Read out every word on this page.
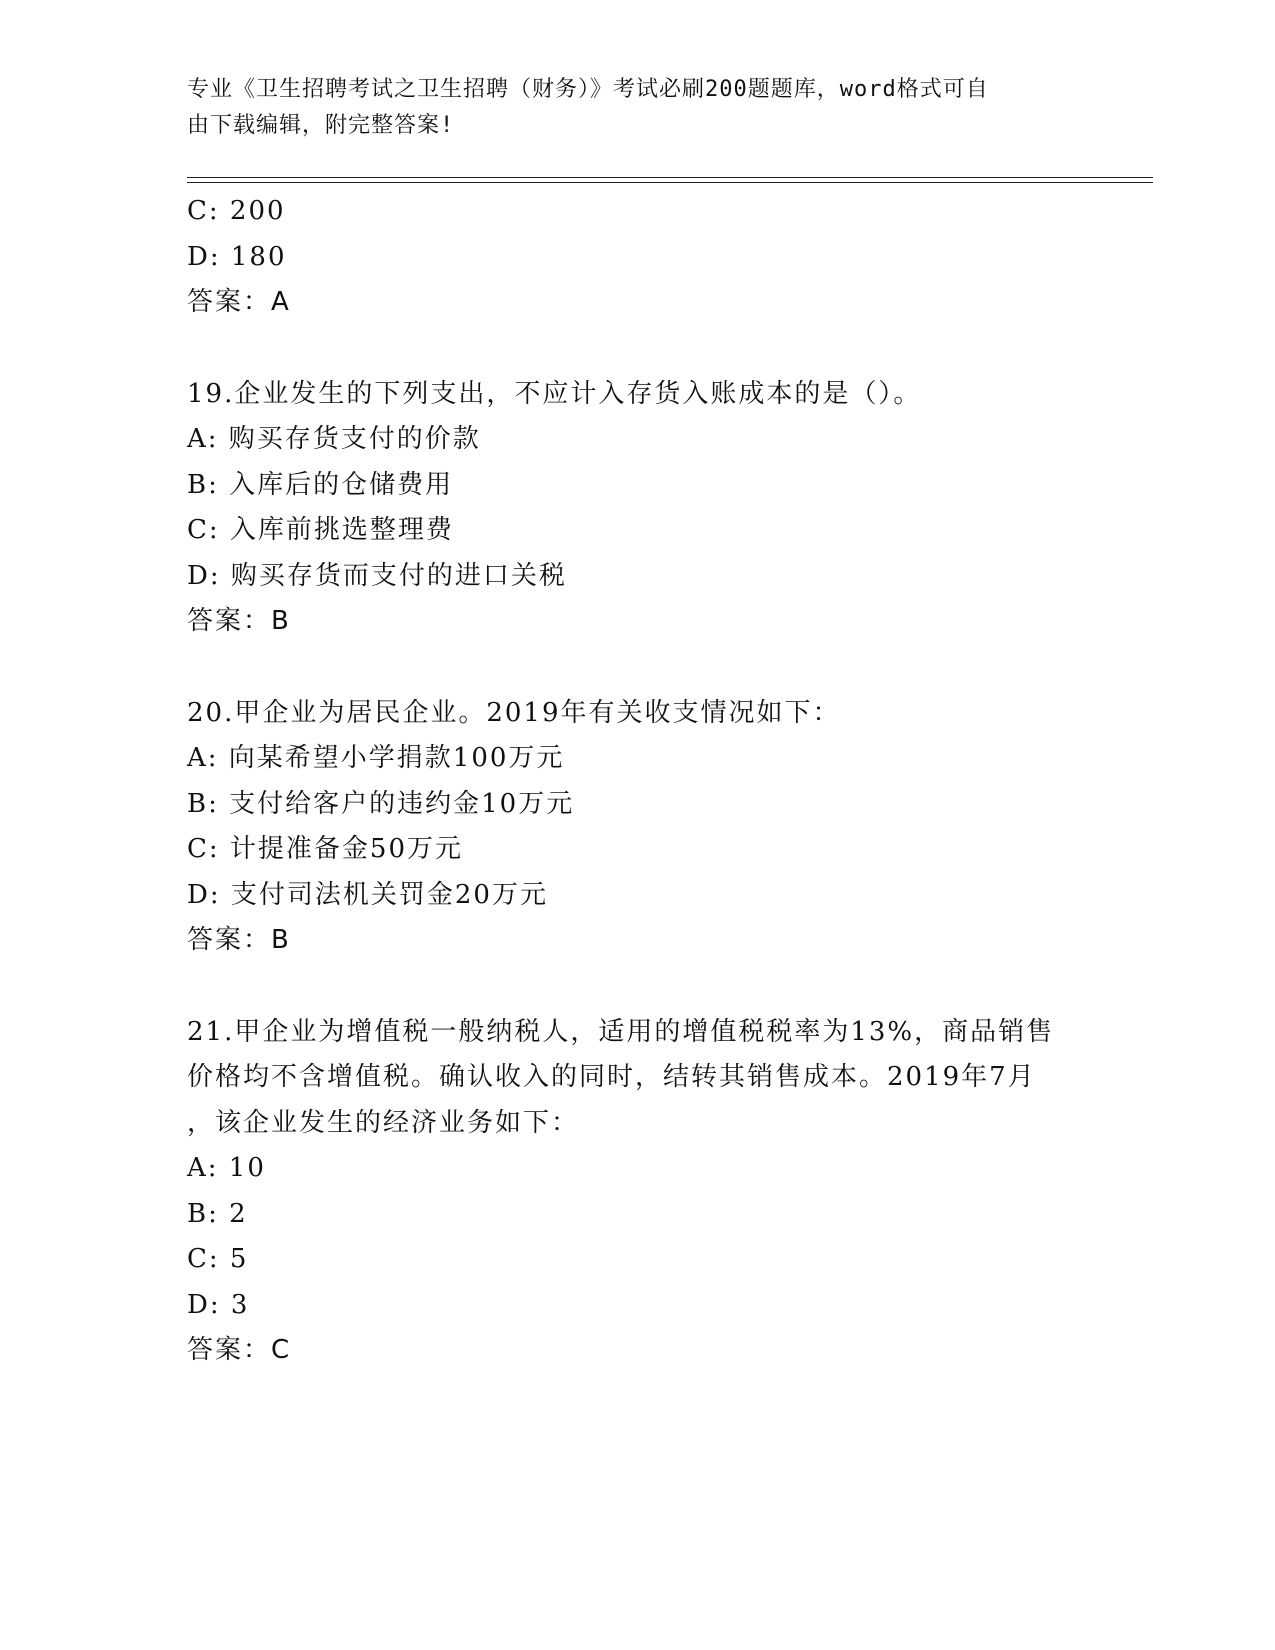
专业《卫生招聘考试之卫生招聘（财务）》考试必刷200题题库，word格式可自
由下载编辑，附完整答案!
C: 200
D: 180
答案：A
19.企业发生的下列支出，不应计入存货入账成本的是（）。
A: 购买存货支付的价款
B: 入库后的仓储费用
C: 入库前挑选整理费
D: 购买存货而支付的进口关税
答案：B
20.甲企业为居民企业。2019年有关收支情况如下：
A: 向某希望小学捐款100万元
B: 支付给客户的违约金10万元
C: 计提准备金50万元
D: 支付司法机关罚金20万元
答案：B
21.甲企业为增值税一般纳税人，适用的增值税税率为13%，商品销售
价格均不含增值税。确认收入的同时，结转其销售成本。2019年7月
，该企业发生的经济业务如下：
A: 10
B: 2
C: 5
D: 3
答案：C
